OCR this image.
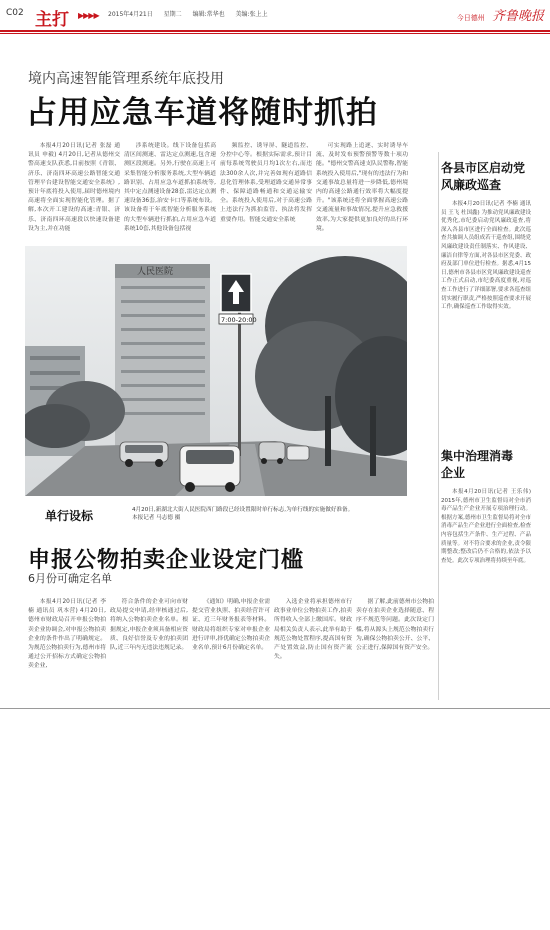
C02 主打 ▶▶▶▶ 2015年4月21日 星期二 编辑:常华也 美编:张上上	今日德州 齐鲁晚报
境内高速智能管理系统年底投用
占用应急车道将随时抓拍

本报4月20日讯(记者 张磊 通讯员 申毅) 4月20日,记者从德州交警高速支队获悉,目前按照《青银、济乐、济南四环高速公路智能交通管理平台建设智能交通安全系统》,预计年底将投入使用,届时德州境内高速将全面实现智能化管理。据了解,本次开工建设的高速:青银、济乐、济南四环高速段以快速设备建设为主,并在功能

涉系统建设。线下设备包括高清区间测速、雷达定点测速,包含速测区段测速。另外,行驶在高速上可采集智能分析服务系统,大型车辆道路识别、占用应急车道抓拍系统等,其中定点测速设备28套,雷达定点测速设备36套,治安卡口等系统布设。该设备将于年底智能分析服务系统的大型车辆进行抓拍,占用应急车道系统10套,其他设备包括视

频监控、诱导屏、隧道监控、分控中心等。根据实际需求,预计目前每系统驾驶员月均1次左右,而违法300余人次,并完善如现有道路信息化管理体系,受理道路交通异常事件、保障道路畅通和交通运输安全。系统投入使用后,对于高速公路上违法行为抓拍监管、执法将发挥重要作用。智能交通安全系统

可实现路上追逐、实时诱导车流、及时发布预警预警等数十项功能。"德州交警高速支队民警称,智能系统投入使用后,"现有的违法行为和交通事故总量将进一步降低,德州境内的高速公路通行效率将大幅度提升。"该系统还将全面掌握高速公路交通流量和事故情况,提升应急救援效率,为大家提供更加良好的出行环境。

人民医院
7:00-20:00
单行设标	4月20日,新湖北大街人民医院西门路段已经设置限时单行标志,为单行线的实施做好准备。
本报记者 马志德 摄
各县市区启动党风廉政巡查

本报4月20日讯(记者 李楠 通讯员 王飞 杜国鑫) 为推动党风廉政建设优秀化,市纪委启动党风廉政巡查,将深入各县市区进行全面检查。此次巡查共抽调人员组成若干巡查组,围绕党风廉政建设责任制落实、作风建设、廉洁自律等方面,对各县市区党委、政府及部门单位进行检查。据悉,4月15日,德州市各县市区党风廉政建设巡查工作正式启动,市纪委高度重视,对巡查工作进行了详细部署,要求各巡查组切实履行职责,严格按照巡查要求开展工作,确保巡查工作取得实效。

集中治理消毒企业

本报4月20日讯(记者 王乐伟) 2015年,德州市卫生监督局对全市消毒产品生产企业开展专项治理行动。根据方案,德州市卫生监督局将对全市消毒产品生产企业进行全面检查,检查内容包括生产条件、生产过程、产品质量等。对不符合要求的企业,责令限期整改;整改后仍不合格的,依法予以查处。此次专项治理将持续至年底。

申报公物拍卖企业设定门槛
6月份可确定名单

本报4月20日讯(记者 李楠 通讯员 巩本营) 4月20日,德州市财政局召开申报公物拍卖企业协调会,对申报公物拍卖企业的条件作出了明确规定。为规范公物拍卖行为,德州市将通过公开招标方式确定公物拍卖企业,

符合条件的企业可向市财政局提交申请,经审核通过后,将纳入公物拍卖企业名单。根据规定,申报企业须具备相应资质、良好信誉及专业的拍卖团队,近三年内无违法违规记录。

《通知》明确,申报企业需提交营业执照、拍卖经营许可证、近三年财务报表等材料。财政局将组织专家对申报企业进行评审,择优确定公物拍卖企业名单,预计6月份确定名单。

入选企业将承担德州市行政事业单位公物拍卖工作,拍卖所得收入全部上缴国库。财政局相关负责人表示,此举有助于规范公物处置程序,提高国有资产处置效益,防止国有资产流失。

据了解,此前德州市公物拍卖存在拍卖企业选择随意、程序不规范等问题。此次设定门槛,将从源头上规范公物拍卖行为,确保公物拍卖公开、公平、公正进行,保障国有资产安全。
